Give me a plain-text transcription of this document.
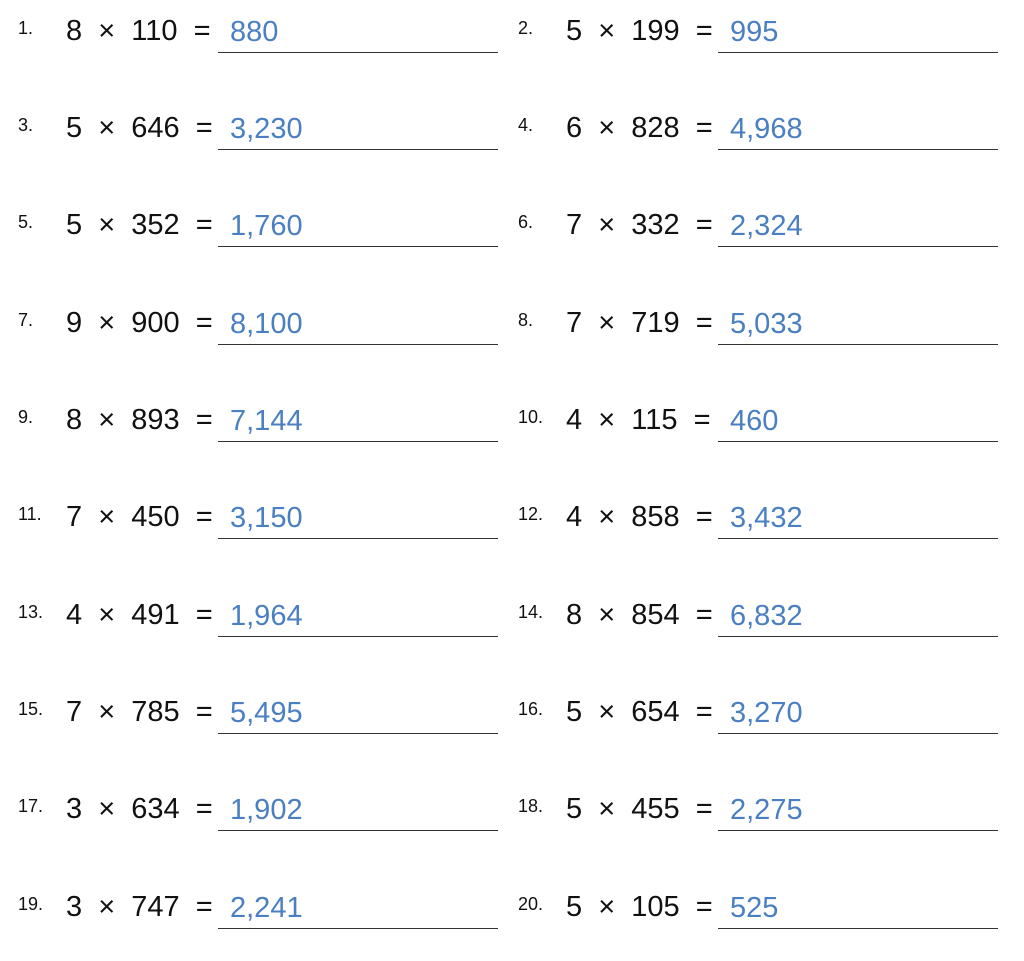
1. 8  ×  110  = 880	2. 5  ×  199  = 995
3. 5  ×  646  = 3,230	4. 6  ×  828  = 4,968
5. 5  ×  352  = 1,760	6. 7  ×  332  = 2,324
7. 9  ×  900  = 8,100	8. 7  ×  719  = 5,033
9. 8  ×  893  = 7,144	10. 4  ×  115  = 460
11. 7  ×  450  = 3,150	12. 4  ×  858  = 3,432
13. 4  ×  491  = 1,964	14. 8  ×  854  = 6,832
15. 7  ×  785  = 5,495	16. 5  ×  654  = 3,270
17. 3  ×  634  = 1,902	18. 5  ×  455  = 2,275
19. 3  ×  747  = 2,241	20. 5  ×  105  = 525
